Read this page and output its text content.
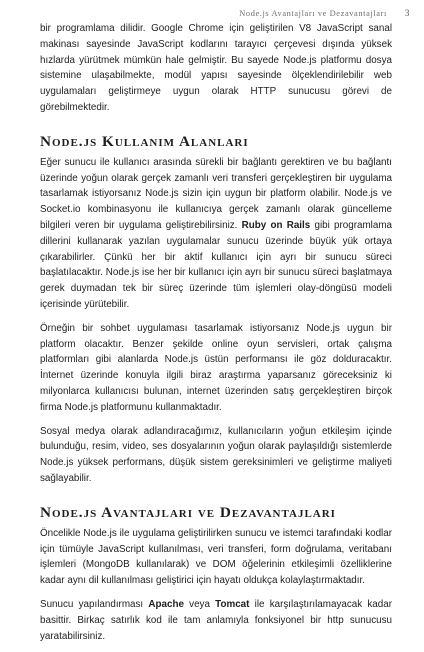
Node.js Avantajları ve Dezavantajları 3

bir programlama dilidir. Google Chrome için geliştirilen V8 JavaScript sanal makinası sayesinde JavaScript kodlarını tarayıcı çerçevesi dışında yüksek hızlarda yürütmek mümkün hale gelmiştir. Bu sayede Node.js platformu dosya sistemine ulaşabilmekte, modül yapısı sayesinde ölçeklendirilebilir web uygulamaları geliştirmeye uygun olarak HTTP sunucusu görevi de görebilmektedir.

Node.js Kullanım Alanları

Eğer sunucu ile kullanıcı arasında sürekli bir bağlantı gerektiren ve bu bağlantı üzerinde yoğun olarak gerçek zamanlı veri transferi gerçekleştiren bir uygulama tasarlamak istiyorsanız Node.js sizin için uygun bir platform olabilir. Node.js ve Socket.io kombinasyonu ile kullanıcıya gerçek zamanlı olarak güncelleme bilgileri veren bir uygulama geliştirebilirsiniz. Ruby on Rails gibi programlama dillerini kullanarak yazılan uygulamalar sunucu üzerinde büyük yük ortaya çıkarabilirler. Çünkü her bir aktif kullanıcı için ayrı bir sunucu süreci başlatılacaktır. Node.js ise her bir kullanıcı için ayrı bir sunucu süreci başlatmaya gerek duymadan tek bir süreç üzerinde tüm işlemleri olay-döngüsü modeli içerisinde yürütebilir.

Örneğin bir sohbet uygulaması tasarlamak istiyorsanız Node.js uygun bir platform olacaktır. Benzer şekilde online oyun servisleri, ortak çalışma platformları gibi alanlarda Node.js üstün performansı ile göz dolduracaktır. İnternet üzerinde konuyla ilgili biraz araştırma yaparsanız göreceksiniz ki milyonlarca kullanıcısı bulunan, internet üzerinden satış gerçekleştiren birçok firma Node.js platformunu kullanmaktadır.

Sosyal medya olarak adlandıracağımız, kullanıcıların yoğun etkileşim içinde bulunduğu, resim, video, ses dosyalarının yoğun olarak paylaşıldığı sistemlerde Node.js yüksek performans, düşük sistem gereksinimleri ve geliştirme maliyeti sağlayabilir.

Node.js Avantajları ve Dezavantajları

Öncelikle Node.js ile uygulama geliştirilirken sunucu ve istemci tarafındaki kodlar için tümüyle JavaScript kullanılması, veri transferi, form doğrulama, veritabanı işlemleri (MongoDB kullanılarak) ve DOM öğelerinin etkileşimli özelliklerine kadar aynı dil kullanılması geliştirici için hayatı oldukça kolaylaştırmaktadır.

Sunucu yapılandırması Apache veya Tomcat ile karşılaştırılamayacak kadar basittir. Birkaç satırlık kod ile tam anlamıyla fonksiyonel bir http sunucusu yaratabilirsiniz.
